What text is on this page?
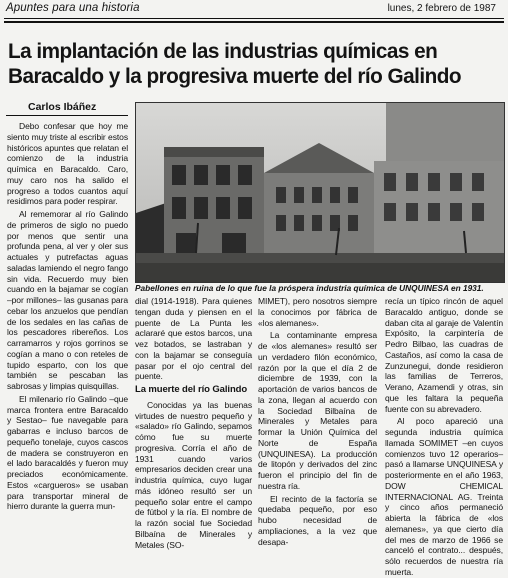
Apuntes para una historia	lunes, 2 febrero de 1987
La implantación de las industrias químicas en
Baracaldo y la progresiva muerte del río Galindo
Carlos Ibáñez
Pabellones en ruina de lo que fue la próspera industria química de UNQUINESA en 1931.

Debo confesar que hoy me siento muy triste al escribir estos históricos apuntes que relatan el comienzo de la industria química en Baracaldo. Caro, muy caro nos ha salido el progreso a todos cuantos aquí residimos para poder respirar.

Al rememorar al río Galindo de primeros de siglo no puedo por menos que sentir una profunda pena, al ver y oler sus actuales y putrefactas aguas saladas lamiendo el negro fango sin vida. Recuerdo muy bien cuando en la bajamar se cogían –por millones– las gusanas para cebar los anzuelos que pendían de los sedales en las cañas de los pescadores ribereños. Los carramarros y rojos gorrinos se cogían a mano o con reteles de tupido esparto, con los que también se pescaban las sabrosas y limpias quisquillas.

El milenario río Galindo –que marca frontera entre Baracaldo y Sestao– fue navegable para gabarras e incluso barcos de pequeño tonelaje, cuyos cascos de madera se construyeron en el lado baracaldés y fueron muy preciados económicamente. Estos «cargueros» se usaban para transportar mineral de hierro durante la guerra mun-

dial (1914-1918). Para quienes tengan duda y piensen en el puente de La Punta les aclararé que estos barcos, una vez botados, se lastraban y con la bajamar se conseguía pasar por el ojo central del puente.

La muerte del río Galindo

Conocidas ya las buenas virtudes de nuestro pequeño y «salado» río Galindo, sepamos cómo fue su muerte progresiva. Corría el año de 1931 cuando varios empresarios deciden crear una industria química, cuyo lugar más idóneo resultó ser un pequeño solar entre el campo de fútbol y la ría. El nombre de la razón social fue Sociedad Bilbaína de Minerales y Metales (SO-

MIMET), pero nosotros siempre la conocimos por fábrica de «los alemanes».

La contaminante empresa de «los alemanes» resultó ser un verdadero filón económico, razón por la que el día 2 de diciembre de 1939, con la aportación de varios bancos de la zona, llegan al acuerdo con la Sociedad Bilbaína de Minerales y Metales para formar la Unión Química del Norte de España (UNQUINESA). La producción de litopón y derivados del zinc fueron el principio del fin de nuestra ría.

El recinto de la factoría se quedaba pequeño, por eso hubo necesidad de ampliaciones, a la vez que desapa-

recía un típico rincón de aquel Baracaldo antiguo, donde se daban cita al garaje de Valentín Expósito, la carpintería de Pedro Bilbao, las cuadras de Castaños, así como la casa de Zunzunegui, donde residieron las familias de Terreros, Verano, Azamendi y otras, sin que les faltara la pequeña fuente con su abrevadero.

Al poco apareció una segunda industria química llamada SOMIMET –en cuyos comienzos tuvo 12 operarios– pasó a llamarse UNQUINESA y posteriormente en el año 1963, DOW CHEMICAL INTERNACIONAL AG. Treinta y cinco años permaneció abierta la fábrica de «los alemanes», ya que cierto día del mes de marzo de 1966 se canceló el contrato... después, sólo recuerdos de nuestra ría muerta.
